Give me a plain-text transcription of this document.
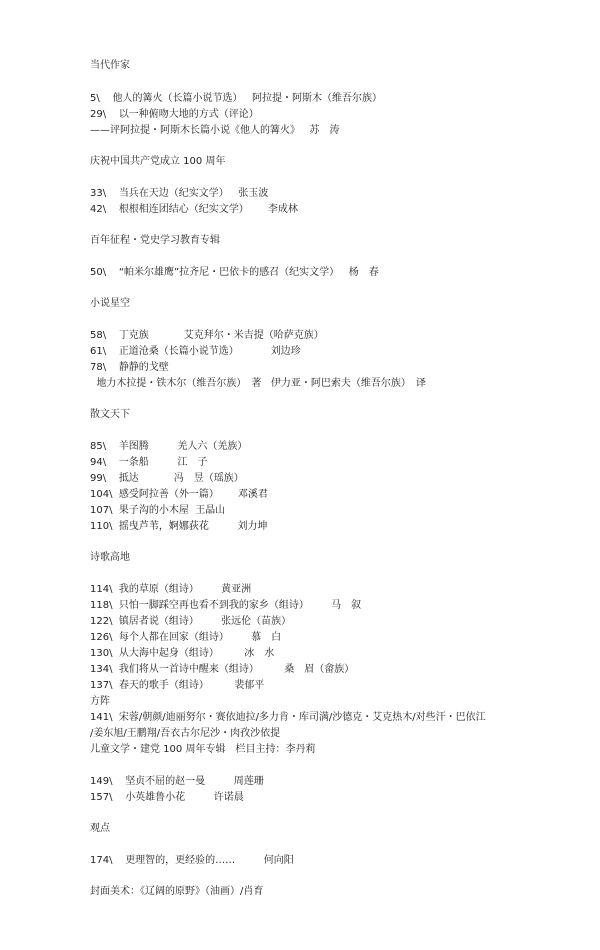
当代作家
5\ 他人的篝火（长篇小说节选） 阿拉提・阿斯木（维吾尔族）
29\ 以一种俯吻大地的方式（评论）
——评阿拉提・阿斯木长篇小说《他人的篝火》 苏　涛
庆祝中国共产党成立 100 周年
33\ 当兵在天边（纪实文学） 张玉波
42\ 根根相连团结心（纪实文学） 李成林
百年征程・党史学习教育专辑
50\ “帕米尔雄鹰”拉齐尼・巴依卡的感召（纪实文学） 杨　春
小说星空
58\ 丁克族	艾克拜尔・米吉提（哈萨克族）
61\ 正道沧桑（长篇小说节选）	刘边珍
78\ 静静的戈壁
地力木拉提・铁木尔（维吾尔族）　著 伊力亚・阿巴索夫（维吾尔族）　译
散文天下
85\ 羊图腾	羌人六（羌族）
94\ 一条船	江　子
99\ 抵达	冯　昱（瑶族）
104\ 感受阿拉善（外一篇） 邓溪君
107\ 果子沟的小木屋 王晶山
110\ 摇曳芦苇，婀娜荻花	刘力坤
诗歌高地
114\ 我的草原（组诗） 黄亚洲
118\ 只怕一脚踩空再也看不到我的家乡（组诗） 马　叙
122\ 镇居者说（组诗） 张远伦（苗族）
126\ 每个人都在回家（组诗） 慕　白
130\ 从大海中起身（组诗）	冰　水
134\ 我们将从一首诗中醒来（组诗）	桑　眉（畲族）
137\ 春天的歌手（组诗）	裴郁平
方阵
141\ 宋蓉/朝颜/迪丽努尔・赛依迪拉/多力肯・库司满/沙德克・艾克热木/对些汗・巴依江
/姜东旭/王鹏翔/吾衣古尔尼沙・肉孜沙依提
儿童文学・建党 100 周年专辑　栏目主持：李丹莉
149\ 坚贞不屈的赵一曼	周莲珊
157\ 小英雄鲁小花	许诺晨
观点
174\ 更理智的，更经验的……	何向阳
封面美术：《辽阔的原野》（油画）/肖育
